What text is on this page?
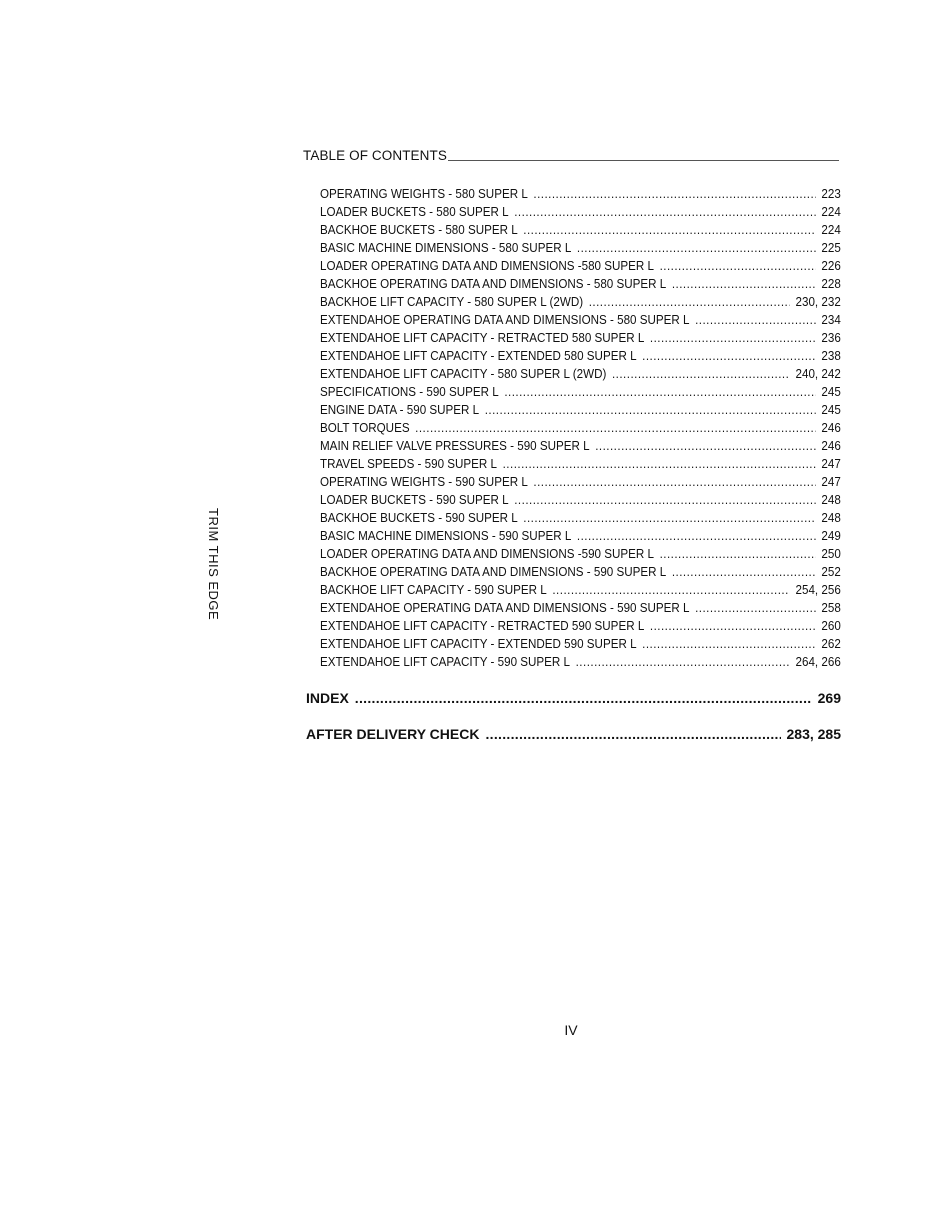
TABLE OF CONTENTS
TRIM THIS EDGE
OPERATING WEIGHTS - 580 SUPER L .....	223
LOADER BUCKETS - 580 SUPER L .....	224
BACKHOE BUCKETS - 580 SUPER L .....	224
BASIC MACHINE DIMENSIONS - 580 SUPER L .....	225
LOADER OPERATING DATA AND DIMENSIONS -580 SUPER L .....	226
BACKHOE OPERATING DATA AND DIMENSIONS - 580 SUPER L .....	228
BACKHOE LIFT CAPACITY - 580 SUPER L (2WD) .....	230, 232
EXTENDAHOE OPERATING DATA AND DIMENSIONS - 580 SUPER L .....	234
EXTENDAHOE LIFT CAPACITY - RETRACTED 580 SUPER L .....	236
EXTENDAHOE LIFT CAPACITY - EXTENDED 580 SUPER L .....	238
EXTENDAHOE LIFT CAPACITY - 580 SUPER L (2WD) .....	240, 242
SPECIFICATIONS - 590 SUPER L .....	245
ENGINE DATA - 590 SUPER L .....	245
BOLT TORQUES .....	246
MAIN RELIEF VALVE PRESSURES - 590 SUPER L .....	246
TRAVEL SPEEDS - 590 SUPER L .....	247
OPERATING WEIGHTS - 590 SUPER L .....	247
LOADER BUCKETS - 590 SUPER L .....	248
BACKHOE BUCKETS - 590 SUPER L .....	248
BASIC MACHINE DIMENSIONS - 590 SUPER L .....	249
LOADER OPERATING DATA AND DIMENSIONS -590 SUPER L .....	250
BACKHOE OPERATING DATA AND DIMENSIONS - 590 SUPER L .....	252
BACKHOE LIFT CAPACITY - 590 SUPER L .....	254, 256
EXTENDAHOE OPERATING DATA AND DIMENSIONS - 590 SUPER L .....	258
EXTENDAHOE LIFT CAPACITY - RETRACTED 590 SUPER L .....	260
EXTENDAHOE LIFT CAPACITY - EXTENDED 590 SUPER L .....	262
EXTENDAHOE LIFT CAPACITY - 590 SUPER L .....	264, 266
INDEX .....	269
AFTER DELIVERY CHECK .....	283, 285
IV
